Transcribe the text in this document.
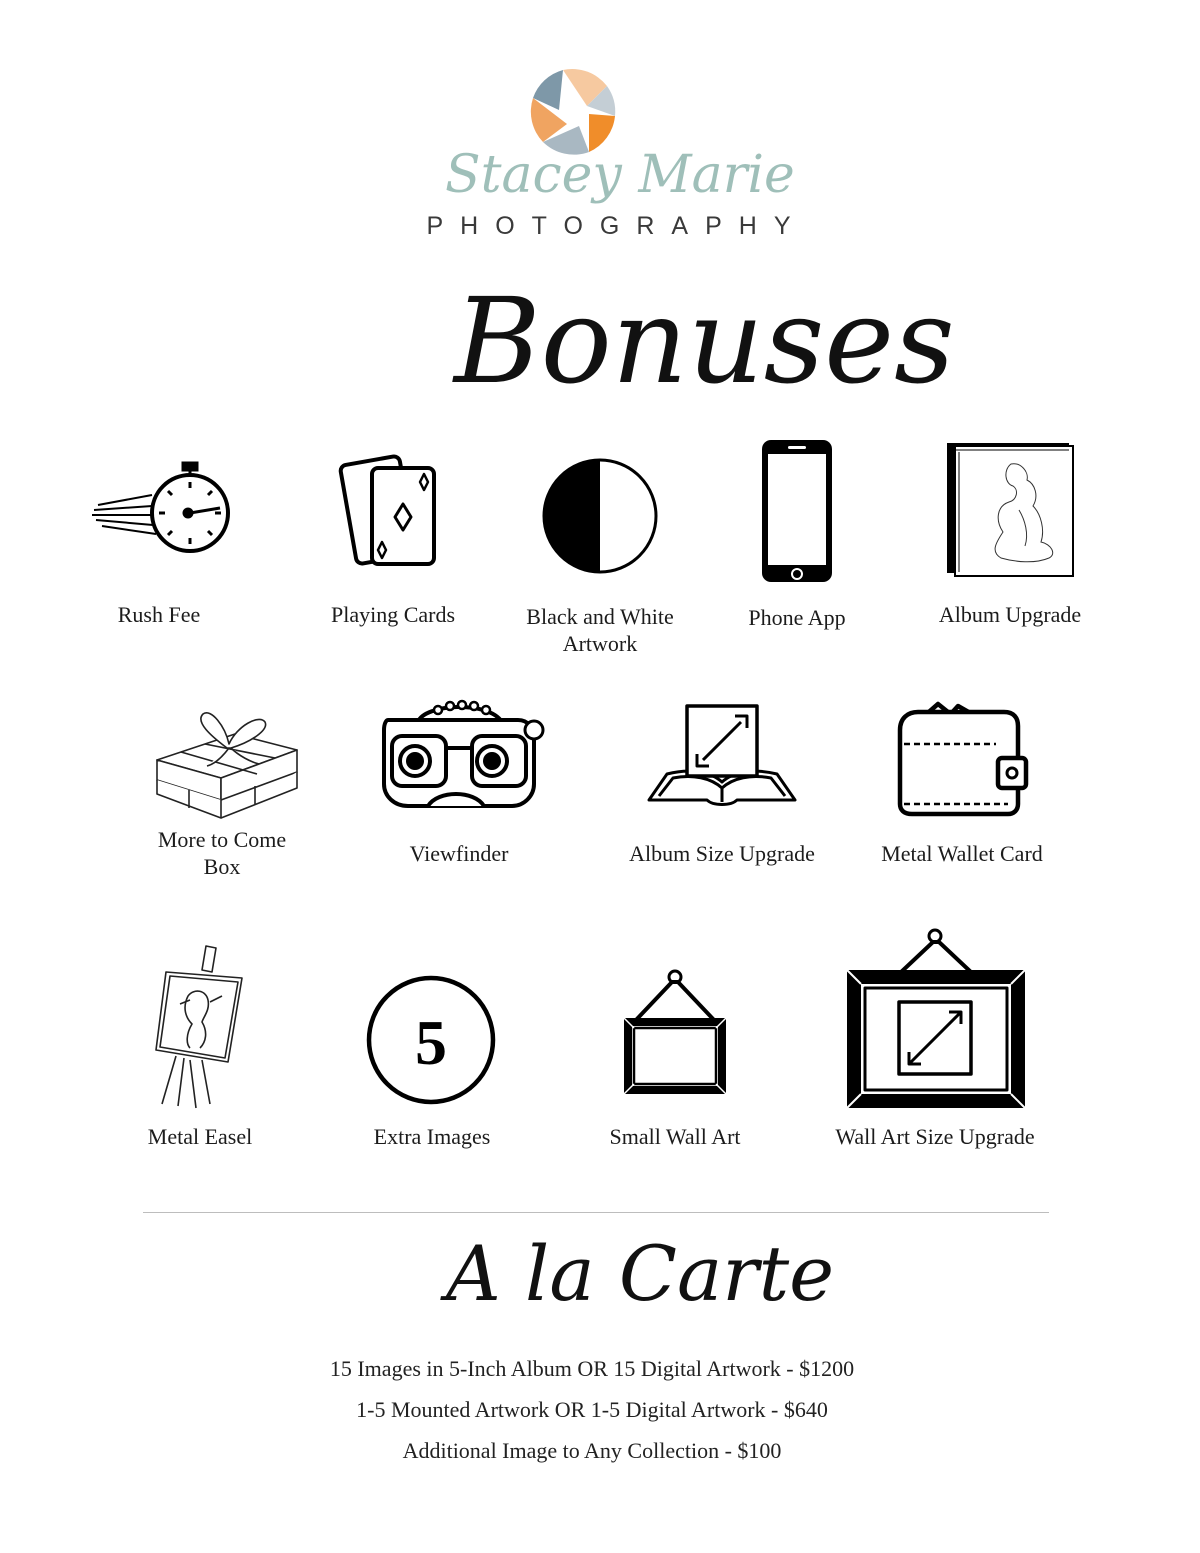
Stacey Marie
PHOTOGRAPHY
Bonuses
Rush Fee	Playing Cards	Black and White
Artwork
Phone App	Album Upgrade
More to Come
Box
Viewfinder	Album Size Upgrade	Metal Wallet Card
Metal Easel
5
Extra Images	Small Wall Art	Wall Art Size Upgrade
A la Carte
15 Images in 5-Inch Album OR 15 Digital Artwork - $1200
1-5 Mounted Artwork OR 1-5 Digital Artwork - $640
Additional Image to Any Collection - $100
